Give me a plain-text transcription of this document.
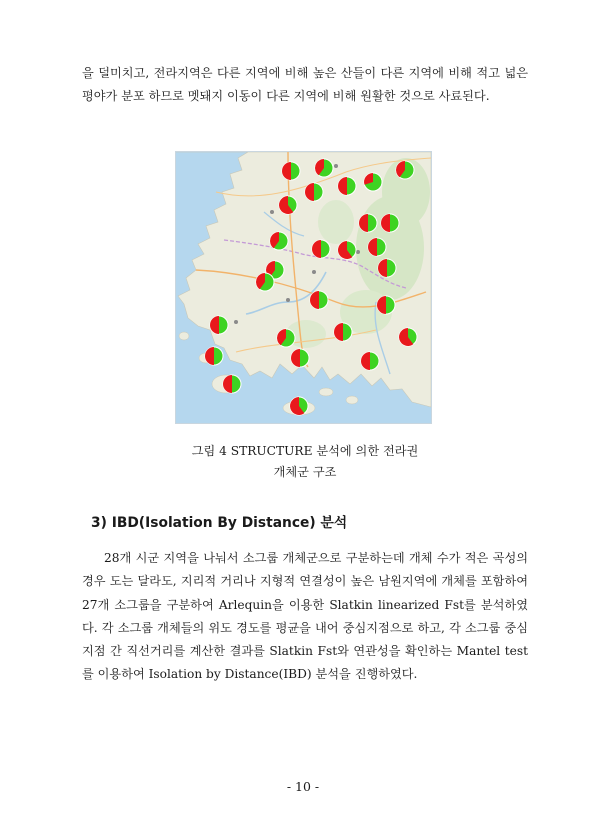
을 덜미치고, 전라지역은 다른 지역에 비해 높은 산들이 다른 지역에 비해 적고 넓은 평야가 분포 하므로 멧돼지 이동이 다른 지역에 비해 원활한 것으로 사료된다.

그림 4 STRUCTURE 분석에 의한 전라권

개체군 구조

3) IBD(Isolation By Distance) 분석

28개 시군 지역을 나눠서 소그룹 개체군으로 구분하는데 개체 수가 적은 곡성의 경우 도는 달라도, 지리적 거리나 지형적 연결성이 높은 남원지역에 개체를 포함하여 27개 소그룹을 구분하여 Arlequin을 이용한 Slatkin linearized Fst를 분석하였다. 각 소그룹 개체들의 위도 경도를 평균을 내어 중심지점으로 하고, 각 소그룹 중심지점 간 직선거리를 계산한 결과를 Slatkin Fst와 연관성을 확인하는 Mantel test를 이용하여 Isolation by Distance(IBD) 분석을 진행하였다.

- 10 -
